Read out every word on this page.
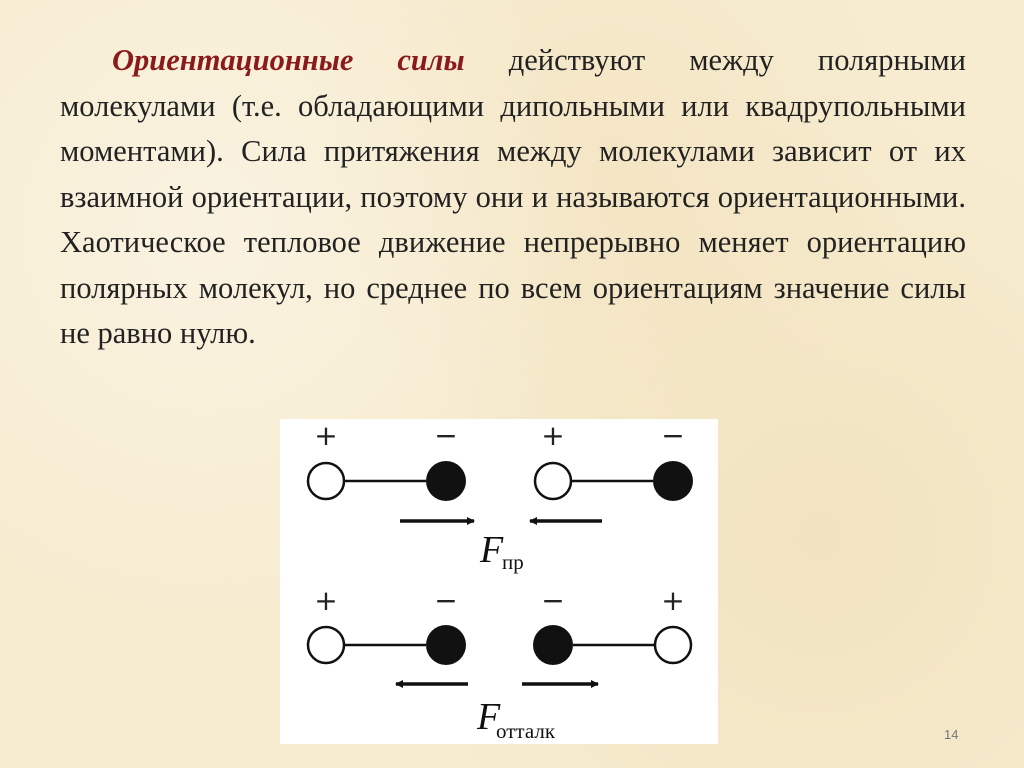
Ориентационные силы действуют между полярными молекулами (т.е. обладающими дипольными или квадрупольными моментами). Сила притяжения между молекулами зависит от их взаимной ориентации, поэтому они и называются ориентационными. Хаотическое тепловое движение непрерывно меняет ориентацию полярных молекул, но среднее по всем ориентациям значение силы не равно нулю.
+	−	+	−
F
пр
+	−	−	+
F
отталк	14
